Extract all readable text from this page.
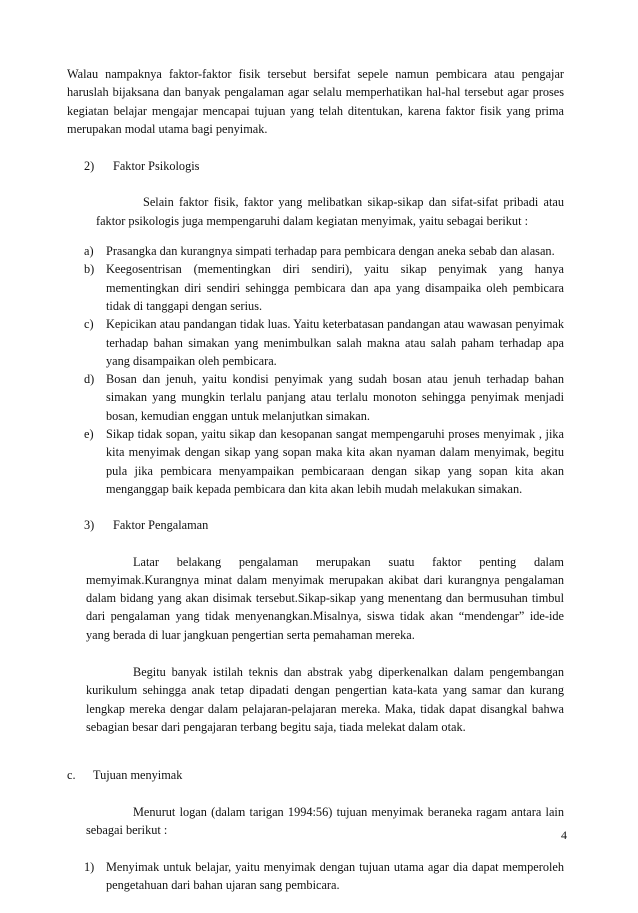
Walau nampaknya faktor-faktor fisik tersebut bersifat sepele namun pembicara atau pengajar haruslah bijaksana dan banyak pengalaman agar selalu memperhatikan hal-hal tersebut agar proses kegiatan belajar mengajar mencapai tujuan yang telah ditentukan, karena faktor fisik yang prima merupakan modal utama bagi penyimak.

2)	Faktor Psikologis

Selain faktor fisik, faktor yang melibatkan sikap-sikap dan sifat-sifat pribadi atau faktor psikologis juga mempengaruhi dalam kegiatan menyimak, yaitu sebagai berikut :

a)	Prasangka dan kurangnya simpati terhadap para pembicara dengan aneka sebab dan alasan.
b) Keegosentrisan (mementingkan diri sendiri), yaitu sikap penyimak yang hanya mementingkan diri sendiri sehingga pembicara dan apa yang disampaika oleh pembicara tidak di tanggapi dengan serius.
c)	Kepicikan atau pandangan tidak luas. Yaitu keterbatasan pandangan atau wawasan penyimak terhadap bahan simakan yang menimbulkan salah makna atau salah paham terhadap apa yang disampaikan oleh pembicara.
d) Bosan dan jenuh, yaitu kondisi penyimak yang sudah bosan atau jenuh terhadap bahan simakan yang mungkin terlalu panjang atau terlalu monoton sehingga penyimak menjadi bosan, kemudian enggan untuk melanjutkan simakan.
e)	Sikap tidak sopan, yaitu sikap dan kesopanan sangat mempengaruhi proses menyimak , jika kita menyimak dengan sikap yang sopan maka kita akan nyaman dalam menyimak, begitu pula jika pembicara menyampaikan pembicaraan dengan sikap yang sopan kita akan menganggap baik kepada pembicara dan kita akan lebih mudah melakukan simakan.
3)	Faktor Pengalaman

Latar belakang pengalaman merupakan suatu faktor penting dalam memyimak.Kurangnya minat dalam menyimak merupakan akibat dari kurangnya pengalaman dalam bidang yang akan disimak tersebut.Sikap-sikap yang menentang dan bermusuhan timbul dari pengalaman yang tidak menyenangkan.Misalnya, siswa tidak akan “mendengar” ide-ide yang berada di luar jangkuan pengertian serta pemahaman mereka.

Begitu banyak istilah teknis dan abstrak yabg diperkenalkan dalam pengembangan kurikulum sehingga anak tetap dipadati dengan pengertian kata-kata yang samar dan kurang lengkap mereka dengar dalam pelajaran-pelajaran mereka. Maka, tidak dapat disangkal bahwa sebagian besar dari pengajaran terbang begitu saja, tiada melekat dalam otak.

c.	Tujuan menyimak

Menurut logan (dalam tarigan 1994:56) tujuan menyimak beraneka ragam antara lain sebagai berikut :

1) Menyimak untuk belajar, yaitu menyimak dengan tujuan utama agar dia dapat memperoleh pengetahuan dari bahan ujaran sang pembicara.
4
